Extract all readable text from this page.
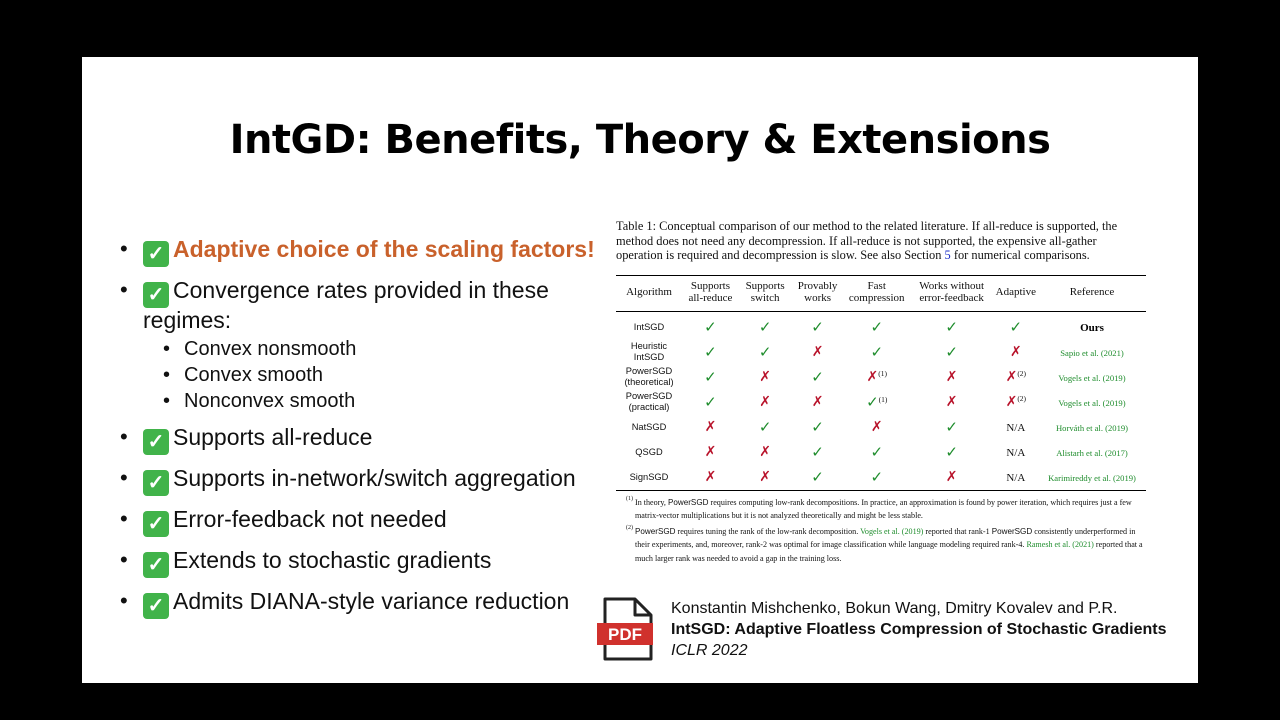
IntGD: Benefits, Theory & Extensions
• ✓ Adaptive choice of the scaling factors!
• ✓ Convergence rates provided in these regimes:
• Convex nonsmooth
• Convex smooth
• Nonconvex smooth
• ✓ Supports all-reduce
• ✓ Supports in-network/switch aggregation
• ✓ Error-feedback not needed
• ✓ Extends to stochastic gradients
• ✓ Admits DIANA-style variance reduction
Table 1: Conceptual comparison of our method to the related literature. If all-reduce is supported, the method does not need any decompression. If all-reduce is not supported, the expensive all-gather operation is required and decompression is slow. See also Section 5 for numerical comparisons.
Algorithm	Supports all-reduce	Supports switch	Provably works	Fast compression	Works without error-feedback	Adaptive	Reference
IntSGD	✓	✓	✓	✓	✓	✓	Ours
Heuristic IntSGD	✓	✓	✗	✓	✓	✗	Sapio et al. (2021)
PowerSGD (theoretical)	✓	✗	✓	✗$^{(1)}$	✗	✗$^{(2)}$	Vogels et al. (2019)
PowerSGD (practical)	✓	✗	✗	✓$^{(1)}$	✗	✗$^{(2)}$	Vogels et al. (2019)
NatSGD	✗	✓	✓	✗	✓	N/A	Horváth et al. (2019)
QSGD	✗	✗	✓	✓	✓	N/A	Alistarh et al. (2017)
SignSGD	✗	✗	✓	✓	✗	N/A	Karimireddy et al. (2019)
(1) In theory, PowerSGD requires computing low-rank decompositions. In practice, an approximation is found by power iteration, which requires just a few matrix-vector multiplications but it is not analyzed theoretically and might be less stable.
(2) PowerSGD requires tuning the rank of the low-rank decomposition. Vogels et al. (2019) reported that rank-1 PowerSGD consistently underperformed in their experiments, and, moreover, rank-2 was optimal for image classification while language modeling required rank-4. Ramesh et al. (2021) reported that a much larger rank was needed to avoid a gap in the training loss.
PDF
Konstantin Mishchenko, Bokun Wang, Dmitry Kovalev and P.R.
IntSGD: Adaptive Floatless Compression of Stochastic Gradients
ICLR 2022
